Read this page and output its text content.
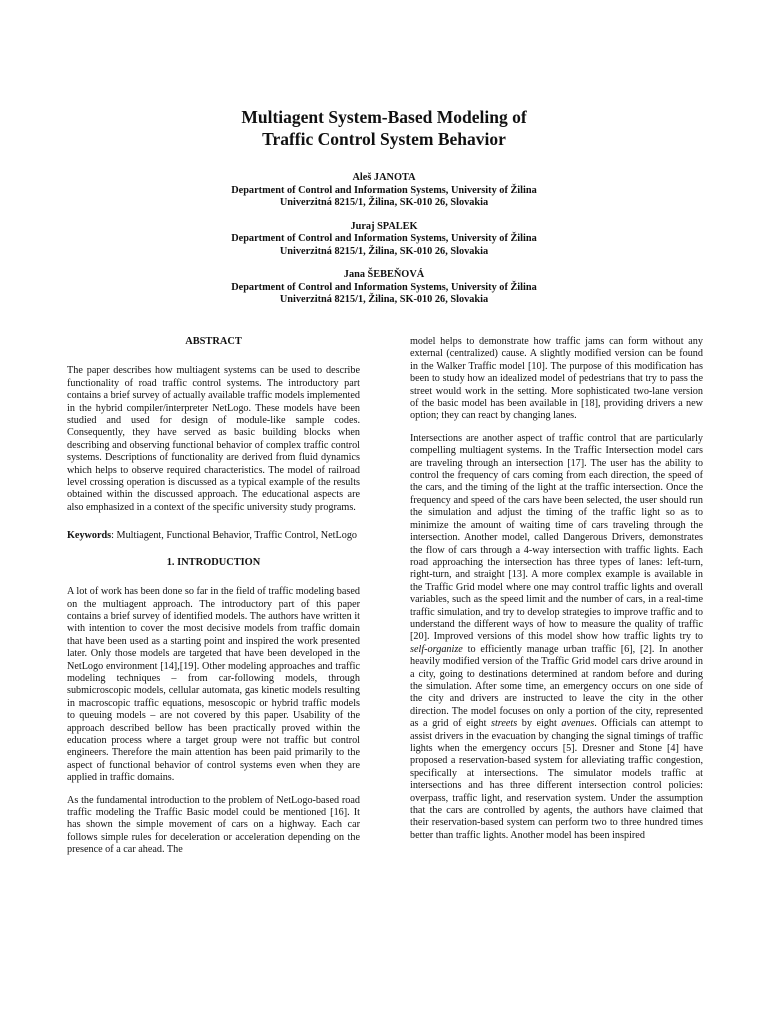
Multiagent System-Based Modeling of
Traffic Control System Behavior
Aleš JANOTA
Department of Control and Information Systems, University of Žilina
Univerzitná 8215/1, Žilina, SK-010 26, Slovakia
Juraj SPALEK
Department of Control and Information Systems, University of Žilina
Univerzitná 8215/1, Žilina, SK-010 26, Slovakia
Jana ŠEBEŇOVÁ
Department of Control and Information Systems, University of Žilina
Univerzitná 8215/1, Žilina, SK-010 26, Slovakia
ABSTRACT

The paper describes how multiagent systems can be used to describe functionality of road traffic control systems. The introductory part contains a brief survey of actually available traffic models implemented in the hybrid compiler/interpreter NetLogo. These models have been studied and used for design of module-like sample codes. Consequently, they have served as basic building blocks when describing and observing functional behavior of complex traffic control systems. Descriptions of functionality are derived from fluid dynamics which helps to observe required characteristics. The model of railroad level crossing operation is discussed as a typical example of the results obtained within the discussed approach. The educational aspects are also emphasized in a context of the specific university study programs.

Keywords: Multiagent, Functional Behavior, Traffic Control, NetLogo

1. INTRODUCTION

A lot of work has been done so far in the field of traffic modeling based on the multiagent approach. The introductory part of this paper contains a brief survey of identified models. The authors have written it with intention to cover the most decisive models from traffic domain that have been used as a starting point and inspired the work presented later. Only those models are targeted that have been developed in the NetLogo environment [14],[19]. Other modeling approaches and traffic modeling techniques – from car-following models, through submicroscopic models, cellular automata, gas kinetic models resulting in macroscopic traffic equations, mesoscopic or hybrid traffic models to queuing models – are not covered by this paper. Usability of the approach described bellow has been practically proved within the education process where a target group were not traffic but control engineers. Therefore the main attention has been paid primarily to the aspect of functional behavior of control systems even when they are applied in traffic domains.

As the fundamental introduction to the problem of NetLogo-based road traffic modeling the Traffic Basic model could be mentioned [16]. It has shown the simple movement of cars on a highway. Each car follows simple rules for deceleration or acceleration depending on the presence of a car ahead. The

model helps to demonstrate how traffic jams can form without any external (centralized) cause. A slightly modified version can be found in the Walker Traffic model [10]. The purpose of this modification has been to study how an idealized model of pedestrians that try to pass the street would work in the setting. More sophisticated two-lane version of the basic model has been available in [18], providing drivers a new option; they can react by changing lanes.

Intersections are another aspect of traffic control that are particularly compelling multiagent systems. In the Traffic Intersection model cars are traveling through an intersection [17]. The user has the ability to control the frequency of cars coming from each direction, the speed of the cars, and the timing of the light at the traffic intersection. Once the frequency and speed of the cars have been selected, the user should run the simulation and adjust the timing of the traffic light so as to minimize the amount of waiting time of cars traveling through the intersection. Another model, called Dangerous Drivers, demonstrates the flow of cars through a 4-way intersection with traffic lights. Each road approaching the intersection has three types of lanes: left-turn, right-turn, and straight [13]. A more complex example is available in the Traffic Grid model where one may control traffic lights and overall variables, such as the speed limit and the number of cars, in a real-time traffic simulation, and try to develop strategies to improve traffic and to understand the different ways of how to measure the quality of traffic [20]. Improved versions of this model show how traffic lights try to self-organize to efficiently manage urban traffic [6], [2]. In another heavily modified version of the Traffic Grid model cars drive around in a city, going to destinations determined at random before and during the simulation. After some time, an emergency occurs on one side of the city and drivers are instructed to leave the city in the other direction. The model focuses on only a portion of the city, represented as a grid of eight streets by eight avenues. Officials can attempt to assist drivers in the evacuation by changing the signal timings of traffic lights when the emergency occurs [5]. Dresner and Stone [4] have proposed a reservation-based system for alleviating traffic congestion, specifically at intersections. The simulator models traffic at intersections and has three different intersection control policies: overpass, traffic light, and reservation system. Under the assumption that the cars are controlled by agents, the authors have claimed that their reservation-based system can perform two to three hundred times better than traffic lights. Another model has been inspired
